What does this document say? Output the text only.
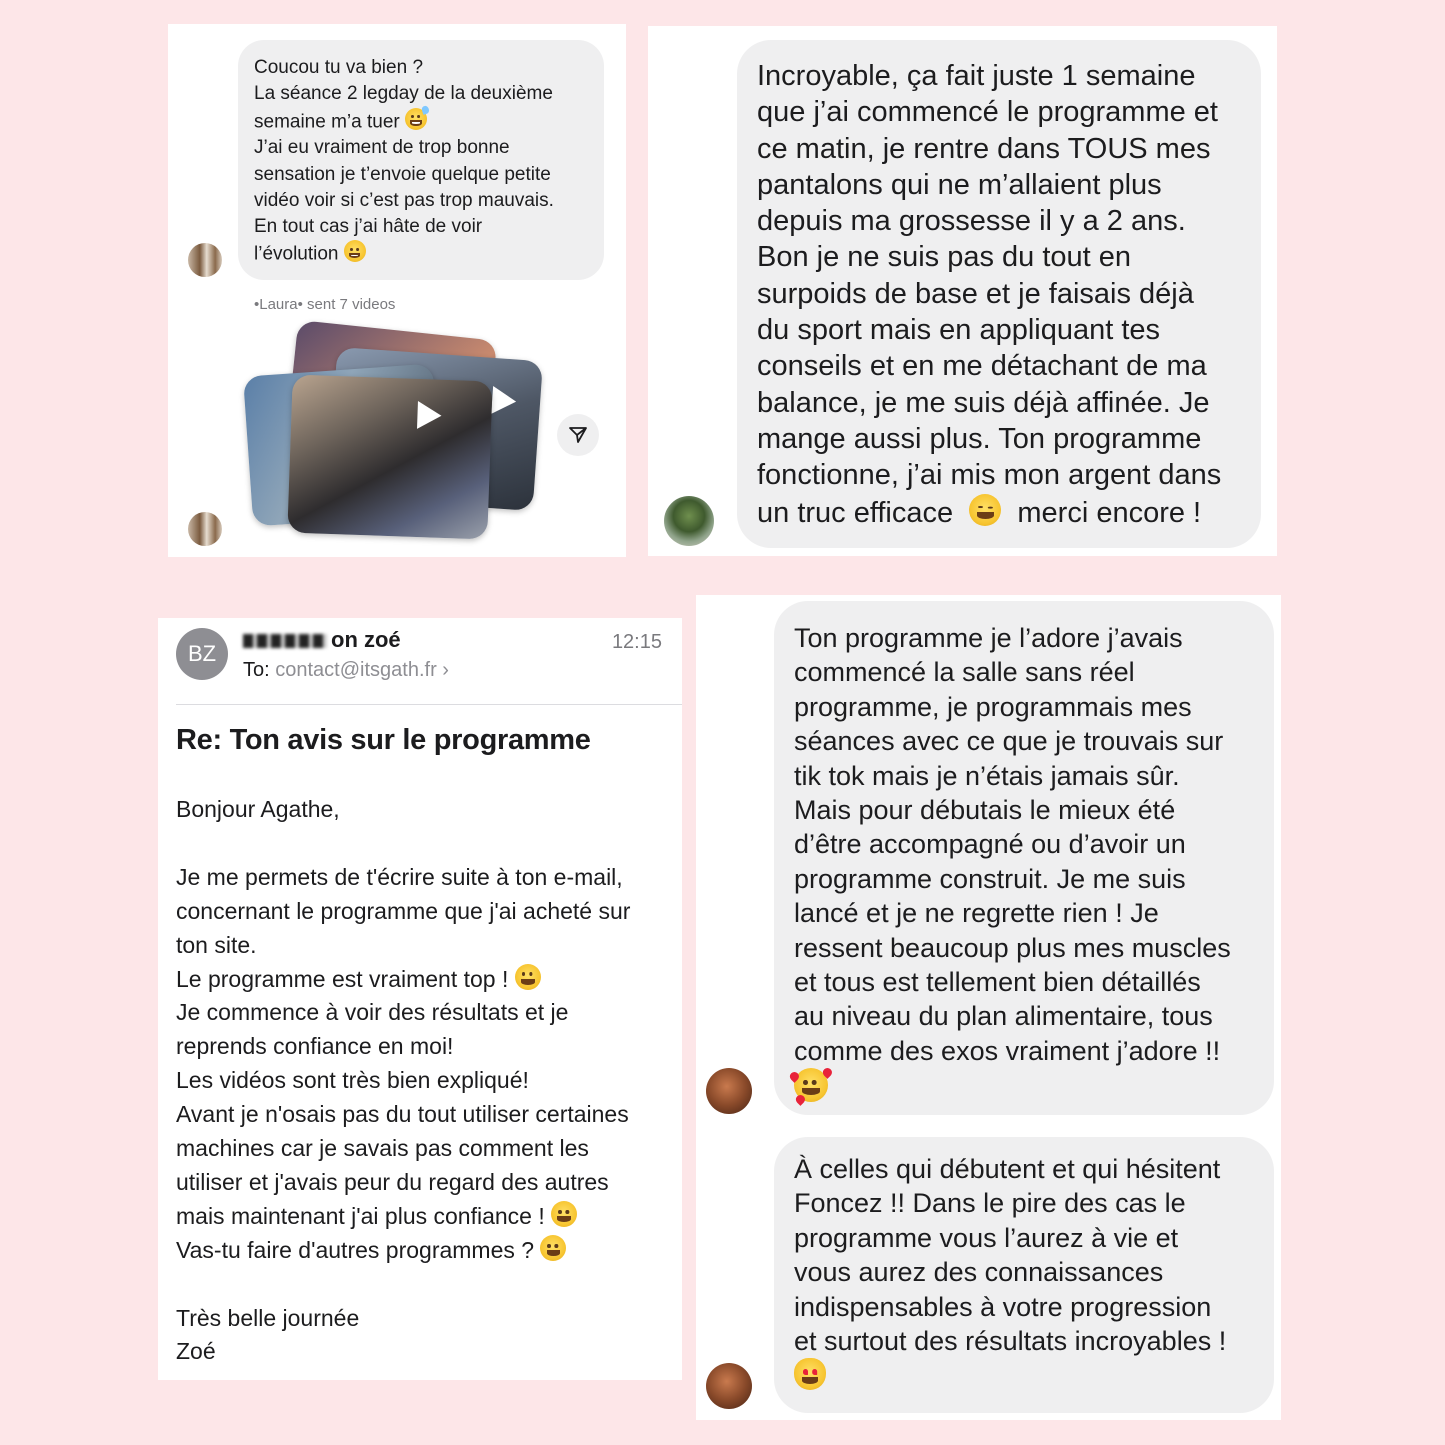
Coucou tu va bien ?
La séance 2 legday de la deuxième
semaine m’a tuer
J’ai eu vraiment de trop bonne
sensation je t’envoie quelque petite
vidéo voir si c’est pas trop mauvais.
En tout cas j’ai hâte de voir
l’évolution
•Laura• sent 7 videos
Incroyable, ça fait juste 1 semaine
que j’ai commencé le programme et
ce matin, je rentre dans TOUS mes
pantalons qui ne m’allaient plus
depuis ma grossesse il y a 2 ans.
Bon je ne suis pas du tout en
surpoids de base et je faisais déjà
du sport mais en appliquant tes
conseils et en me détachant de ma
balance, je me suis déjà affinée. Je
mange aussi plus. Ton programme
fonctionne, j’ai mis mon argent dans
un truc efficace merci encore !
BZ
on zoé	12:15
To: contact@itsgath.fr ›
Re: Ton avis sur le programme
Bonjour Agathe,
Je me permets de t'écrire suite à ton e-mail,
concernant le programme que j'ai acheté sur
ton site.
Le programme est vraiment top !
Je commence à voir des résultats et je
reprends confiance en moi!
Les vidéos sont très bien expliqué!
Avant je n'osais pas du tout utiliser certaines
machines car je savais pas comment les
utiliser et j'avais peur du regard des autres
mais maintenant j'ai plus confiance !
Vas-tu faire d'autres programmes ?
Très belle journée
Zoé
Ton programme je l’adore j’avais
commencé la salle sans réel
programme, je programmais mes
séances avec ce que je trouvais sur
tik tok mais je n’étais jamais sûr.
Mais pour débutais le mieux été
d’être accompagné ou d’avoir un
programme construit. Je me suis
lancé et je ne regrette rien ! Je
ressent beaucoup plus mes muscles
et tous est tellement bien détaillés
au niveau du plan alimentaire, tous
comme des exos vraiment j’adore !!
À celles qui débutent et qui hésitent
Foncez !! Dans le pire des cas le
programme vous l’aurez à vie et
vous aurez des connaissances
indispensables à votre progression
et surtout des résultats incroyables !
